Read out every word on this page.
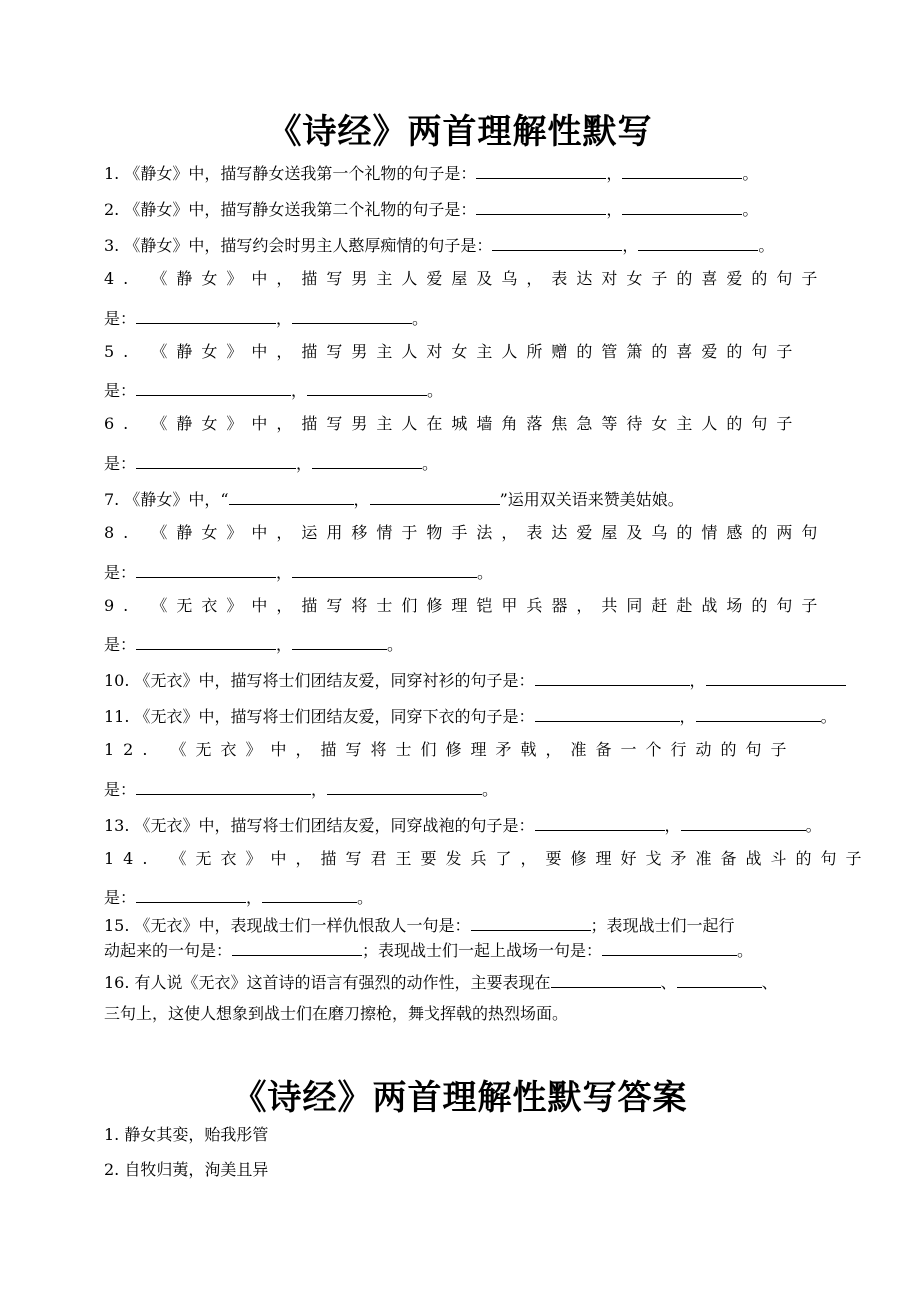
《诗经》两首理解性默写
1. 《静女》中，描写静女送我第一个礼物的句子是：	，	。
2. 《静女》中，描写静女送我第二个礼物的句子是：	，	。
3. 《静女》中，描写约会时男主人憨厚痴情的句子是：	，	。
4. 《静女》中，描写男主人爱屋及乌，表达对女子的喜爱的句子
是：	，	。
5. 《静女》中，描写男主人对女主人所赠的管箫的喜爱的句子
是：	，	。
6. 《静女》中，描写男主人在城墙角落焦急等待女主人的句子
是：	，	。
7. 《静女》中，“	，	”运用双关语来赞美姑娘。
8. 《静女》中，运用移情于物手法，表达爱屋及乌的情感的两句
是：	，	。
9. 《无衣》中，描写将士们修理铠甲兵器，共同赶赴战场的句子
是：	，	。
10. 《无衣》中，描写将士们团结友爱，同穿衬衫的句子是：	，
11. 《无衣》中，描写将士们团结友爱，同穿下衣的句子是：	，	。
12. 《无衣》中，描写将士们修理矛戟，准备一个行动的句子
是：	，	。
13. 《无衣》中，描写将士们团结友爱，同穿战袍的句子是：	，	。
14. 《无衣》中，描写君王要发兵了，要修理好戈矛准备战斗的句子
是：	，	。
15. 《无衣》中，表现战士们一样仇恨敌人一句是：	；表现战士们一起行
动起来的一句是：	；表现战士们一起上战场一句是：	。
16. 有人说《无衣》这首诗的语言有强烈的动作性，主要表现在	、	、
三句上，这使人想象到战士们在磨刀擦枪，舞戈挥戟的热烈场面。
《诗经》两首理解性默写答案
1. 静女其娈，贻我彤管
2. 自牧归荑，洵美且异
